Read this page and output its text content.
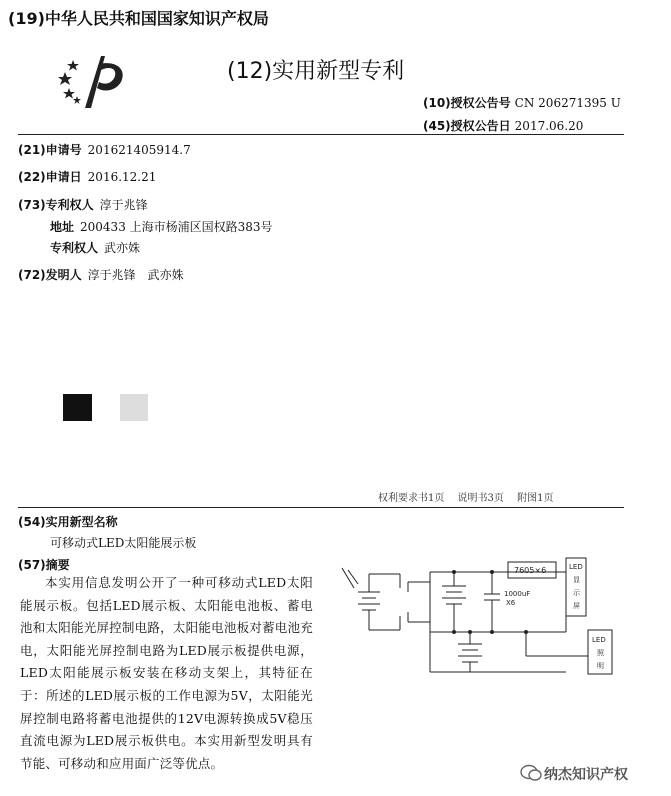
(19)中华人民共和国国家知识产权局
(12)实用新型专利
(10)授权公告号 CN 206271395 U
(45)授权公告日 2017.06.20
(21)申请号 201621405914.7
(22)申请日 2016.12.21
(73)专利权人 淳于兆锋
地址 200433 上海市杨浦区国权路383号
专利权人 武亦姝
(72)发明人 淳于兆锋　武亦姝
权利要求书1页 说明书3页 附图1页
(54)实用新型名称
可移动式LED太阳能展示板
(57)摘要
本实用信息发明公开了一种可移动式LED太阳能展示板。包括LED展示板、太阳能电池板、蓄电池和太阳能光屏控制电路，太阳能电池板对蓄电池充电，太阳能光屏控制电路为LED展示板提供电源，LED太阳能展示板安装在移动支架上，其特征在于：所述的LED展示板的工作电源为5V，太阳能光屏控制电路将蓄电池提供的12V电源转换成5V稳压直流电源为LED展示板供电。本实用新型发明具有节能、可移动和应用面广泛等优点。
7605×6
1000uF
X6
LED
显
示
屏
LED
照
明
纳杰知识产权
